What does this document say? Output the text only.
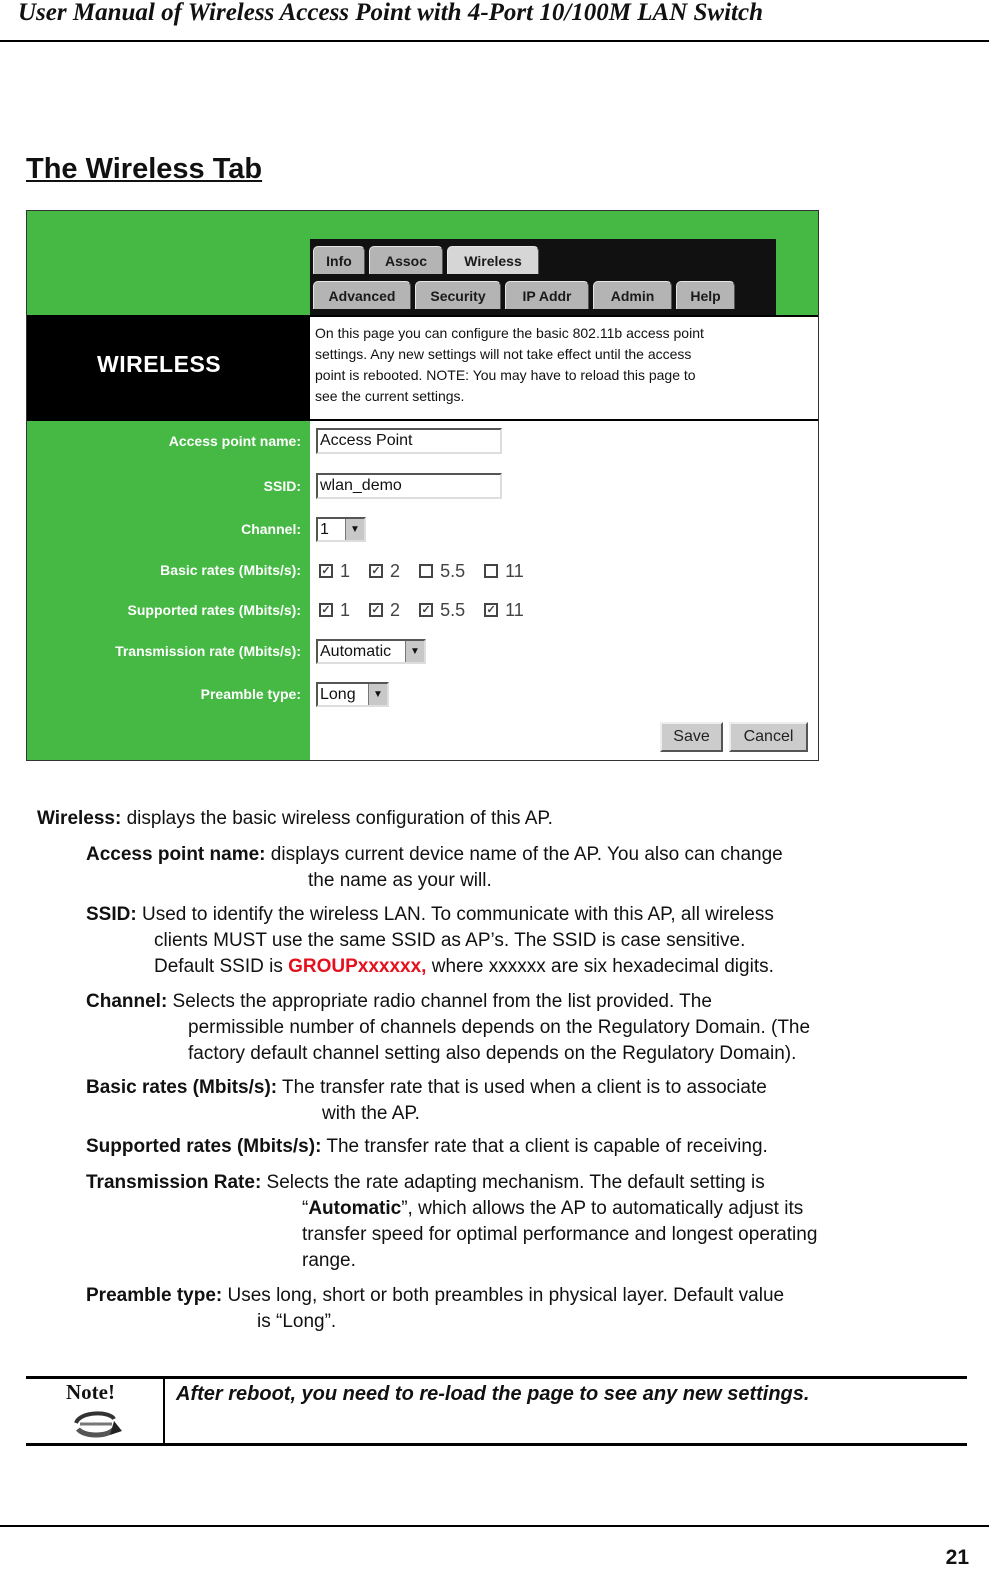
User Manual of Wireless Access Point with 4-Port 10/100M LAN Switch
The Wireless Tab
Info	Assoc	Wireless
Advanced	Security	IP Addr	Admin	Help
WIRELESS
On this page you can configure the basic 802.11b access point
settings. Any new settings will not take effect until the access
point is rebooted. NOTE: You may have to reload this page to
see the current settings.
Access point name: Access Point
SSID: wlan_demo
Channel: 1	▼
Basic rates (Mbits/s): ✓ 1 ✓ 2 5.5 11
Supported rates (Mbits/s): ✓ 1 ✓ 2 ✓ 5.5 ✓ 11
Transmission rate (Mbits/s): Automatic	▼
Preamble type: Long	▼
Save	Cancel
Wireless: displays the basic wireless configuration of this AP.
Access point name: displays current device name of the AP. You also can change
the name as your will.
SSID: Used to identify the wireless LAN. To communicate with this AP, all wireless
clients MUST use the same SSID as AP’s. The SSID is case sensitive.
Default SSID is GROUPxxxxxx, where xxxxxx are six hexadecimal digits.
Channel: Selects the appropriate radio channel from the list provided. The
permissible number of channels depends on the Regulatory Domain. (The
factory default channel setting also depends on the Regulatory Domain).
Basic rates (Mbits/s): The transfer rate that is used when a client is to associate
with the AP.
Supported rates (Mbits/s): The transfer rate that a client is capable of receiving.
Transmission Rate: Selects the rate adapting mechanism. The default setting is
“Automatic”, which allows the AP to automatically adjust its
transfer speed for optimal performance and longest operating
range.
Preamble type: Uses long, short or both preambles in physical layer. Default value
is “Long”.
Note!	After reboot, you need to re-load the page to see any new settings.
21
